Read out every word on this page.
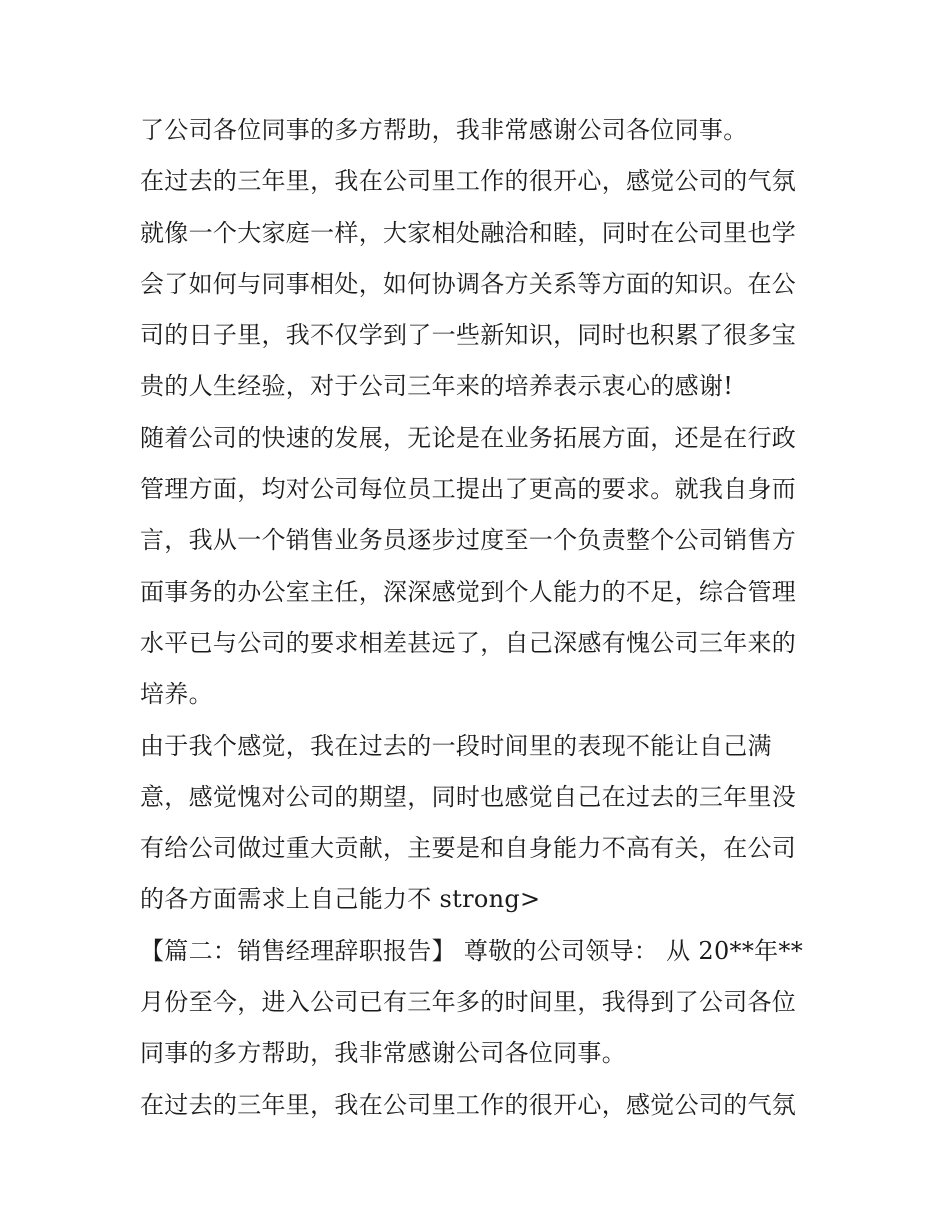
了公司各位同事的多方帮助，我非常感谢公司各位同事。
在过去的三年里，我在公司里工作的很开心，感觉公司的气氛
就像一个大家庭一样，大家相处融洽和睦，同时在公司里也学
会了如何与同事相处，如何协调各方关系等方面的知识。在公
司的日子里，我不仅学到了一些新知识，同时也积累了很多宝
贵的人生经验，对于公司三年来的培养表示衷心的感谢!
随着公司的快速的发展，无论是在业务拓展方面，还是在行政
管理方面，均对公司每位员工提出了更高的要求。就我自身而
言，我从一个销售业务员逐步过度至一个负责整个公司销售方
面事务的办公室主任，深深感觉到个人能力的不足，综合管理
水平已与公司的要求相差甚远了，自己深感有愧公司三年来的
培养。
由于我个感觉，我在过去的一段时间里的表现不能让自己满
意，感觉愧对公司的期望，同时也感觉自己在过去的三年里没
有给公司做过重大贡献，主要是和自身能力不高有关，在公司
的各方面需求上自己能力不 strong>
【篇二：销售经理辞职报告】 尊敬的公司领导： 从 20**年**
月份至今，进入公司已有三年多的时间里，我得到了公司各位
同事的多方帮助，我非常感谢公司各位同事。
在过去的三年里，我在公司里工作的很开心，感觉公司的气氛
